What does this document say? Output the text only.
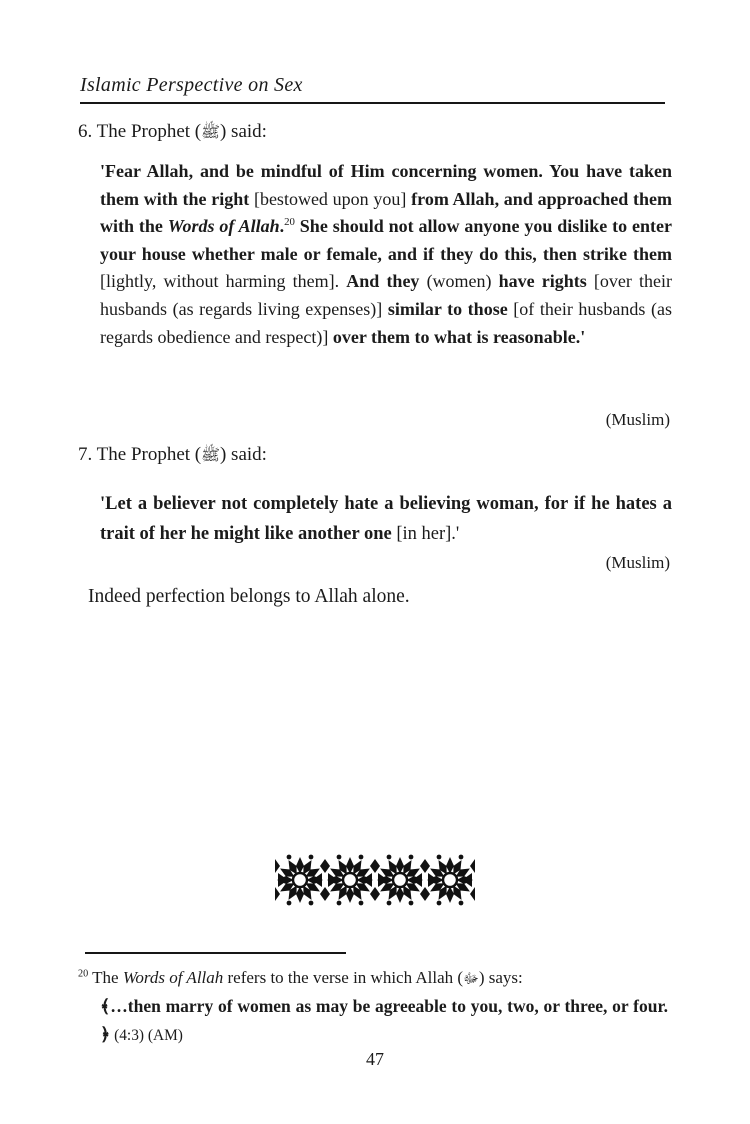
Islamic Perspective on Sex
6. The Prophet (ﷺ) said:
'Fear Allah, and be mindful of Him concerning women. You have taken them with the right [bestowed upon you] from Allah, and approached them with the Words of Allah.$^{20}$ She should not allow anyone you dislike to enter your house whether male or female, and if they do this, then strike them [lightly, without harming them]. And they (women) have rights [over their husbands (as regards living expenses)] similar to those [of their husbands (as regards obedience and respect)] over them to what is reasonable.'
(Muslim)
7. The Prophet (ﷺ) said:
'Let a believer not completely hate a believing woman, for if he hates a trait of her he might like another one [in her].'
(Muslim)
Indeed perfection belongs to Allah alone.
$^{20}$ The Words of Allah refers to the verse in which Allah (ﷻ) says:
﴾…then marry of women as may be agreeable to you, two, or three, or four.﴿ (4:3) (AM)
47
